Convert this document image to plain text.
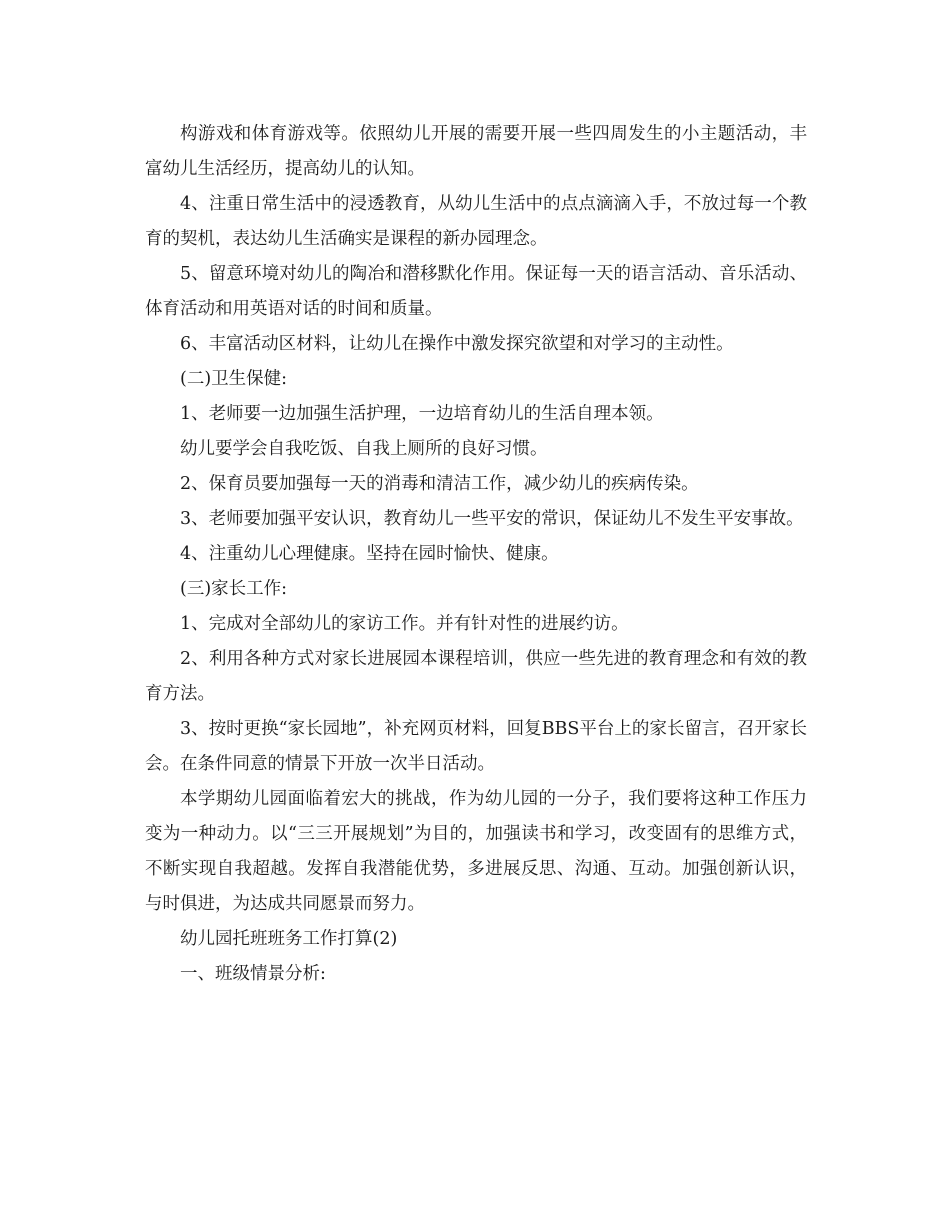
构游戏和体育游戏等。依照幼儿开展的需要开展一些四周发生的小主题活动，丰富幼儿生活经历，提高幼儿的认知。

4、注重日常生活中的浸透教育，从幼儿生活中的点点滴滴入手，不放过每一个教育的契机，表达幼儿生活确实是课程的新办园理念。

5、留意环境对幼儿的陶冶和潜移默化作用。保证每一天的语言活动、音乐活动、体育活动和用英语对话的时间和质量。

6、丰富活动区材料，让幼儿在操作中激发探究欲望和对学习的主动性。

(二)卫生保健:

1、老师要一边加强生活护理，一边培育幼儿的生活自理本领。

幼儿要学会自我吃饭、自我上厕所的良好习惯。

2、保育员要加强每一天的消毒和清洁工作，减少幼儿的疾病传染。

3、老师要加强平安认识，教育幼儿一些平安的常识，保证幼儿不发生平安事故。

4、注重幼儿心理健康。坚持在园时愉快、健康。

(三)家长工作:

1、完成对全部幼儿的家访工作。并有针对性的进展约访。

2、利用各种方式对家长进展园本课程培训，供应一些先进的教育理念和有效的教育方法。

3、按时更换“家长园地”，补充网页材料，回复BBS平台上的家长留言，召开家长会。在条件同意的情景下开放一次半日活动。

本学期幼儿园面临着宏大的挑战，作为幼儿园的一分子，我们要将这种工作压力变为一种动力。以“三三开展规划”为目的，加强读书和学习，改变固有的思维方式，不断实现自我超越。发挥自我潜能优势，多进展反思、沟通、互动。加强创新认识，与时俱进，为达成共同愿景而努力。

幼儿园托班班务工作打算(2)

一、班级情景分析:
